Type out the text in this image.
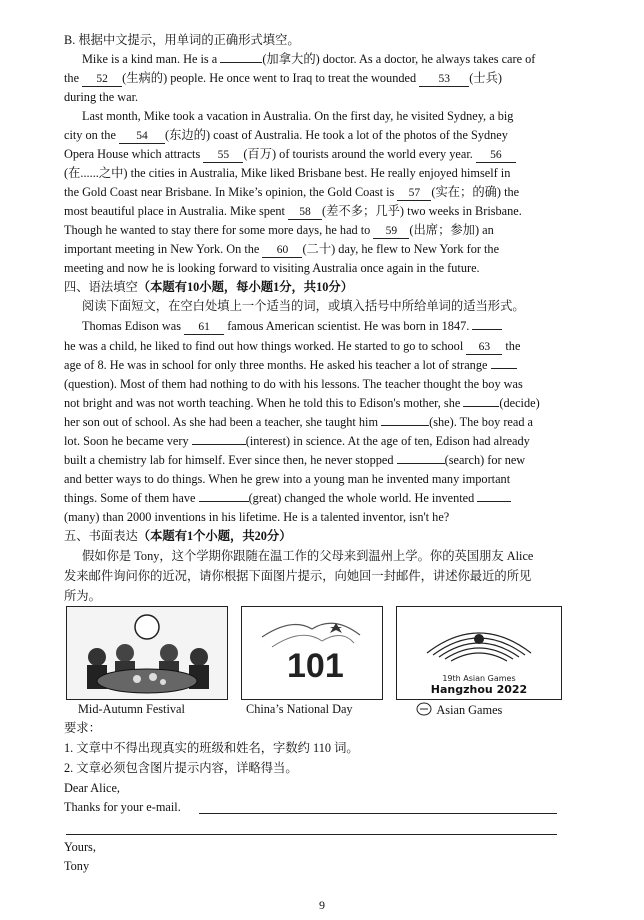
B. 根据中文提示，用单词的正确形式填空。
Mike is a kind man. He is a	(加拿大的) doctor. As a doctor, he always takes care of
the 52 (生病的) people. He once went to Iraq to treat the wounded 53 (士兵)
during the war.
Last month, Mike took a vacation in Australia. On the first day, he visited Sydney, a big
city on the 54 (东边的) coast of Australia. He took a lot of the photos of the Sydney
Opera House which attracts 55 (百万) of tourists around the world every year. 56
(在......之中) the cities in Australia, Mike liked Brisbane best. He really enjoyed himself in
the Gold Coast near Brisbane. In Mike’s opinion, the Gold Coast is 57 (实在；的确) the
most beautiful place in Australia. Mike spent 58 (差不多；几乎) two weeks in Brisbane.
Though he wanted to stay there for some more days, he had to 59 (出席；参加) an
important meeting in New York. On the 60 (二十) day, he flew to New York for the
meeting and now he is looking forward to visiting Australia once again in the future.
四、语法填空（本题有10小题，每小题1分，共10分）
阅读下面短文，在空白处填上一个适当的词，或填入括号中所给单词的适当形式。
Thomas Edison was 61 famous American scientist. He was born in 1847.
he was a child, he liked to find out how things worked. He started to go to school 63 the
age of 8. He was in school for only three months. He asked his teacher a lot of strange
(question). Most of them had nothing to do with his lessons. The teacher thought the boy was
not bright and was not worth teaching. When he told this to Edison's mother, she	(decide)
her son out of school. As she had been a teacher, she taught him	(she). The boy read a
lot. Soon he became very	(interest) in science. At the age of ten, Edison had already
built a chemistry lab for himself. Ever since then, he never stopped	(search) for new
and better ways to do things. When he grew into a young man he invented many important
things. Some of them have	(great) changed the whole world. He invented
(many) than 2000 inventions in his lifetime. He is a talented inventor, isn't he?
五、书面表达（本题有1个小题，共20分）
假如你是 Tony，这个学期你跟随在温工作的父母来到温州上学。你的英国朋友 Alice
发来邮件询问你的近况，请你根据下面图片提示，向她回一封邮件，讲述你最近的所见
所为。
Mid-Autumn Festival
101
China’s National Day
19th Asian Games
Hangzhou 2022
Asian Games
要求：
1. 文章中不得出现真实的班级和姓名，字数约 110 词。
2. 文章必须包含图片提示内容，详略得当。
Dear Alice,
Thanks for your e-mail.
Yours,
Tony
9
